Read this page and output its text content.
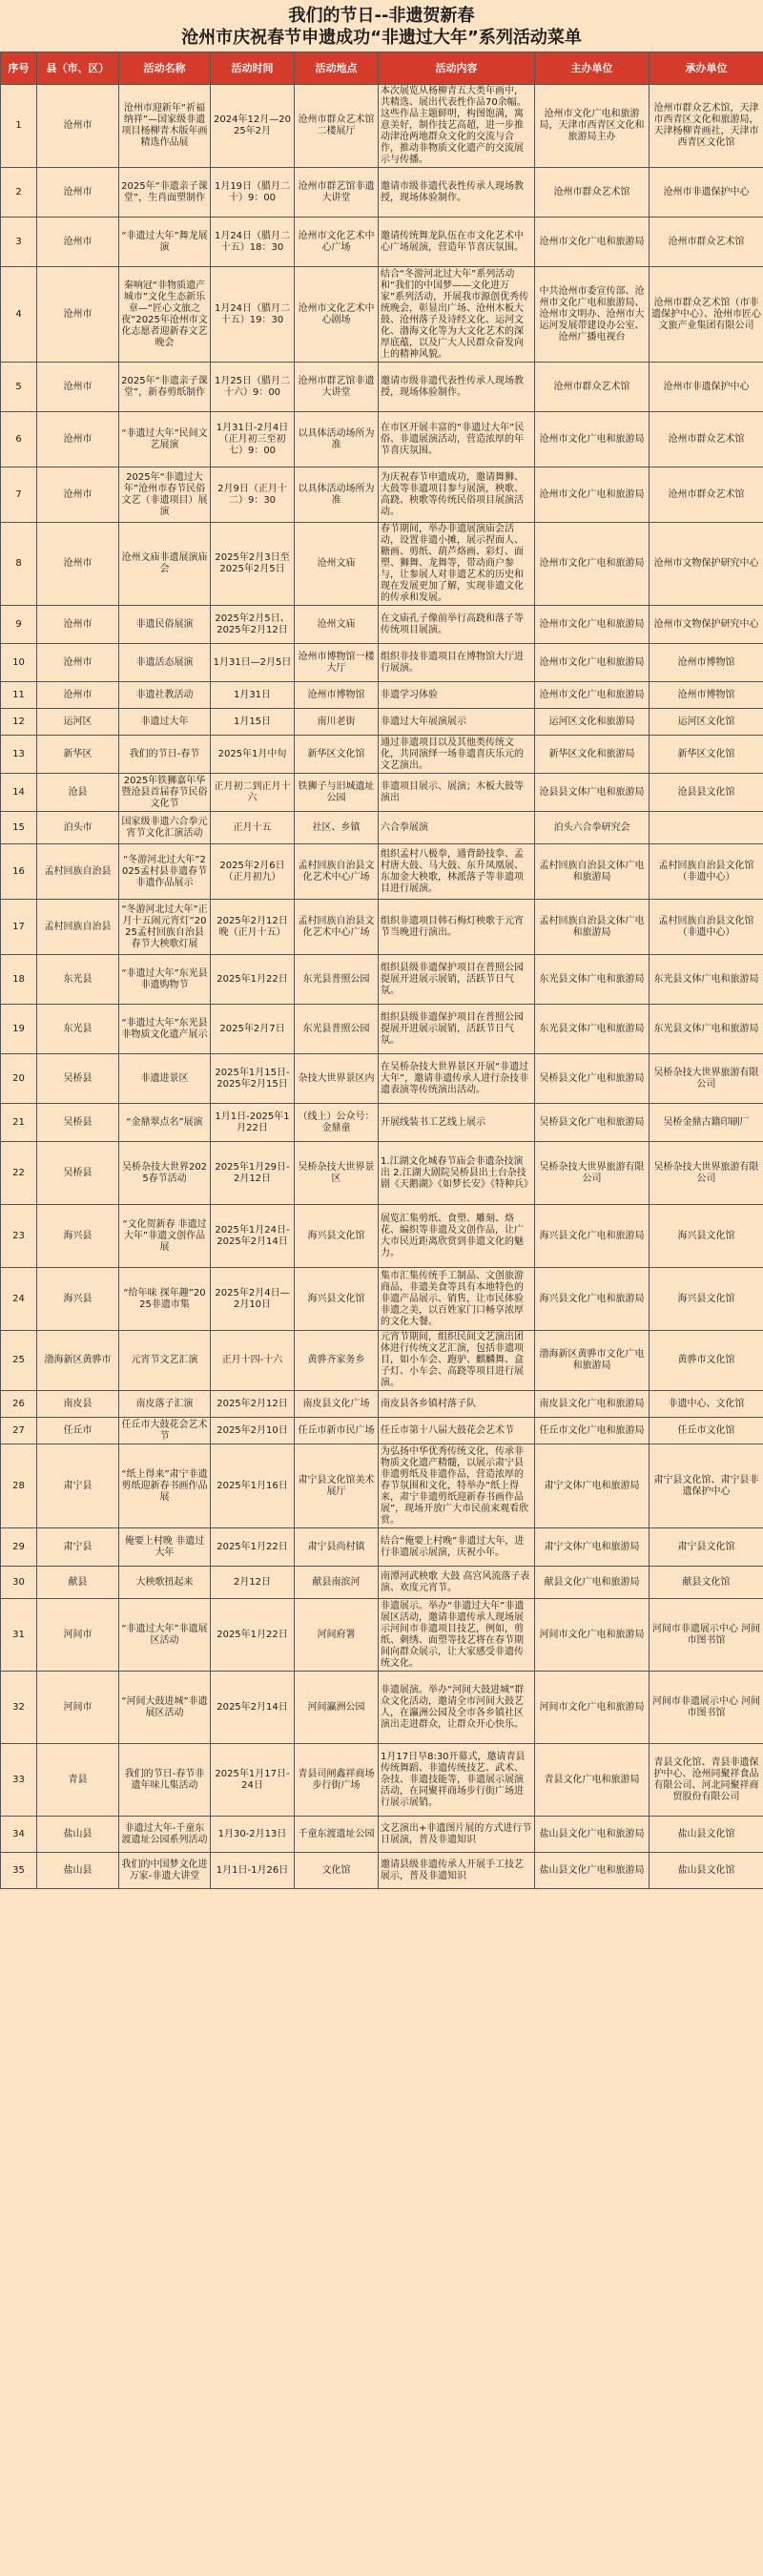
我们的节日--非遗贺新春
沧州市庆祝春节申遗成功“非遗过大年”系列活动菜单
序号	县（市、区）	活动名称	活动时间	活动地点	活动内容	主办单位	承办单位
1	沧州市	沧州市迎新年“祈福纳祥”—国家级非遗项目杨柳青木版年画精选作品展	2024年12月—2025年2月	沧州市群众艺术馆二楼展厅	本次展览从杨柳青五大类年画中，共精选、展出代表性作品70余幅。这些作品主题鲜明，构图饱满，寓意美好，制作技艺高超，进一步推动津沧两地群众文化的交流与合作，推动非物质文化遗产的交流展示与传播。	沧州市文化广电和旅游局，天津市西青区文化和旅游局主办	沧州市群众艺术馆，天津市西青区文化和旅游局，天津杨柳青画社，天津市西青区文化馆
2	沧州市	2025年“非遗亲子课堂”，生肖面塑制作	1月19日（腊月二十）9：00	沧州市群艺馆非遗大讲堂	邀请市级非遗代表性传承人现场教授，现场体验制作。	沧州市群众艺术馆	沧州市非遗保护中心
3	沧州市	“非遗过大年”舞龙展演	1月24日（腊月二十五）18：30	沧州市文化艺术中心广场	邀请传统舞龙队伍在市文化艺术中心广场展演，营造年节喜庆氛围。	沧州市文化广电和旅游局	沧州市群众艺术馆
4	沧州市	秦响冠“非物质遗产城市”文化生态新乐章—“匠心文旅之夜”2025年沧州市文化志愿者迎新春文艺晚会	1月24日（腊月二十五）19：30	沧州市文化艺术中心剧场	结合“冬游河北过大年”系列活动和“我们的中国梦——文化进万家”系列活动，开展我市源创优秀传统晚会，彰显出广场、沧州木板大鼓、沧州落子及诗经文化、运河文化、渤海文化等为大文化艺术的深厚底蕴，以及广大人民群众奋发向上的精神风貌。	中共沧州市委宣传部、沧州市文化广电和旅游局、沧州市文明办、沧州市大运河发展带建设办公室、沧州广播电视台	沧州市群众艺术馆（市非遗保护中心）、沧州市匠心文旅产业集团有限公司
5	沧州市	2025年“非遗亲子课堂”，新春剪纸制作	1月25日（腊月二十六）9：00	沧州市群艺馆非遗大讲堂	邀请市级非遗代表性传承人现场教授，现场体验制作。	沧州市群众艺术馆	沧州市非遗保护中心
6	沧州市	“非遗过大年”民间文艺展演	1月31日-2月4日（正月初三至初七）9：00	以具体活动场所为准	在市区开展丰富的“非遗过大年”民俗、非遗展演活动，营造浓厚的年节喜庆氛围。	沧州市文化广电和旅游局	沧州市群众艺术馆
7	沧州市	2025年“非遗过大年”沧州市春节民俗文艺（非遗项目）展演	2月9日（正月十二）9：30	以具体活动场所为准	为庆祝春节申遗成功，邀请舞狮、大鼓等非遗项目参与展演，秧歌、高跷、秧歌等传统民俗项目展演活动。	沧州市文化广电和旅游局	沧州市群众艺术馆
8	沧州市	沧州文庙非遗展演庙会	2025年2月3日至2025年2月5日	沧州文庙	春节期间，举办非遗展演庙会活动，设置非遗小摊，展示捏面人、糖画、剪纸、葫芦烙画、彩灯、面塑、狮舞、龙舞等，带动商户参与，让参展人对非遗艺术的历史和现在发展更加了解，实现非遗文化的传承和发展。	沧州市文化广电和旅游局	沧州市文物保护研究中心
9	沧州市	非遗民俗展演	2025年2月5日、2025年2月12日	沧州文庙	在文庙孔子像前举行高跷和落子等传统项目展演。	沧州市文化广电和旅游局	沧州市文物保护研究中心
10	沧州市	非遗活态展演	1月31日—2月5日	沧州市博物馆一楼大厅	组织非技非遗项目在博物馆大厅进行展演。	沧州市文化广电和旅游局	沧州市博物馆
11	沧州市	非遗社教活动	1月31日	沧州市博物馆	非遗学习体验	沧州市文化广电和旅游局	沧州市博物馆
12	运河区	非遗过大年	1月15日	南川老街	非遗过大年展演展示	运河区文化和旅游局	运河区文化馆
13	新华区	我们的节日-春节	2025年1月中旬	新华区文化馆	通过非遗项目以及其他类传统文化，共同演绎一场非遗喜庆乐元的文艺演出。	新华区文化和旅游局	新华区文化馆
14	沧县	2025年铁狮嘉年华暨沧县首届春节民俗文化节	正月初二到正月十六	铁狮子与旧城遗址公园	非遗项目展示、展演；木板大鼓等演出	沧县县文体广电和旅游局	沧县县文化馆
15	泊头市	国家级非遗六合拳元宵节文化汇演活动	正月十五	社区、乡镇	六合拳展演	泊头六合拳研究会	
16	孟村回族自治县	“冬游河北过大年”2025孟村县非遗春节非遗作品展示	2025年2月6日（正月初九）	孟村回族自治县文化艺术中心广场	组织孟村八极拳，通背龄技拳、孟村唐大鼓、马大鼓、东升凤凰展、东加金大秧歌，林派落子等非遗项目进行展演。	孟村回族自治县文体广电和旅游局	孟村回族自治县文化馆（非遗中心）
17	孟村回族自治县	“冬游河北过大年”正月十五闹元宵灯”2025孟村回族自治县春节大秧歌灯展	2025年2月12日晚（正月十五）	孟村回族自治县文化艺术中心广场	组织非遗项目韩石梅灯秧歌于元宵节当晚进行演出。	孟村回族自治县文体广电和旅游局	孟村回族自治县文化馆（非遗中心）
18	东光县	“非遗过大年”东光县非遗购物节	2025年1月22日	东光县普照公园	组织县级非遗保护项目在普照公园提展开进展示展销，活跃节日气氛。	东光县文体广电和旅游局	东光县文体广电和旅游局
19	东光县	“非遗过大年”东光县非物质文化遗产展示	2025年2月7日	东光县普照公园	组织县级非遗保护项目在普照公园提展开进展示展销，活跃节日气氛。	东光县文体广电和旅游局	东光县文体广电和旅游局
20	吴桥县	非遗进景区	2025年1月15日-2025年2月15日	杂技大世界景区内	在吴桥杂技大世界景区开展“非遗过大年”，邀请非遗传承人进行杂技非遗表演等传统演出活动。	吴桥县文化广电和旅游局	吴桥杂技大世界旅游有限公司
21	吴桥县	“金鼎翠点名”展演	1月1日-2025年1月22日	（线上）公众号：金鼎童	开展线装书工艺线上展示	吴桥县文化广电和旅游局	吴桥金鼎古籍印刷厂
22	吴桥县	吴桥杂技大世界2025春节活动	2025年1月29日-2月12日	吴桥杂技大世界景区	1.江湖文化城春节庙会非遗杂技演出 2.江湖大剧院吴桥县出土台杂技剧《天鹅湖》《如梦长安》《特种兵》	吴桥杂技大世界旅游有限公司	吴桥杂技大世界旅游有限公司
23	海兴县	“文化贺新春 非遗过大年”非遗文创作品展	2025年1月24日-2025年2月14日	海兴县文化馆	展览汇集剪纸、食塑、雕刻、烙花、编织等非遗及文创作品，让广大市民近距离欣赏到非遗文化的魅力。	海兴县文化广电和旅游局	海兴县文化馆
24	海兴县	“给年味 探年趣”2025非遗市集	2025年2月4日—2月10日	海兴县文化馆	集市汇集传统手工制品、文创旅游商品，非遗美食等具有本地特色的非遗产品展示、销售，让市民体验非遗之美，以百姓家门口畅享浓厚的文化大餐。	海兴县文化广电和旅游局	海兴县文化馆
25	渤海新区黄骅市	元宵节文艺汇演	正月十四-十六	黄骅齐家务乡	元宵节期间，组织民间文艺演出团体进行传统文艺汇演，包括非遗项目，如小车会、跑驴、麒麟舞、盒子灯、小车会、高跷等项目进行展演。	渤海新区黄骅市文化广电和旅游局	黄骅市文化馆
26	南皮县	南皮落子汇演	2025年2月12日	南皮县文化广场	南皮县各乡镇村落子队	南皮县文化广电和旅游局	非遗中心、文化馆
27	任丘市	任丘市大鼓花会艺术节	2025年2月10日	任丘市新市民广场	任丘市第十八届大鼓花会艺术节	任丘市文化广电和旅游局	任丘市文化馆
28	肃宁县	“纸上得来”肃宁非遗剪纸迎新春书画作品展	2025年1月16日	肃宁县文化馆美术展厅	为弘扬中华优秀传统文化，传承非物质文化遗产精髓，以展示肃宁县非遗剪纸及非遗作品，营造浓厚的春节氛围和文化，特举办“纸上得来，肃宁非遗剪纸迎新春书画作品展”，现场开放广大市民前来观看欣赏。	肃宁文体广电和旅游局	肃宁县文化馆、肃宁县非遗保护中心
29	肃宁县	俺要上村晚 非遗过大年	2025年1月22日	肃宁县尚村镇	结合“俺要上村晚”非遗过大年，进行非遗展示展演，庆祝小年。	肃宁文体广电和旅游局	肃宁县文化馆
30	献县	大秧歌扭起来	2月12日	献县南滨河	南潭河武秧歌 大鼓 高宫风流落子表演、欢度元宵节。	献县文化广电和旅游局	献县文化馆
31	河间市	“非遗过大年”非遗展区活动	2025年1月22日	河间府署	非遗展示。举办“非遗过大年”非遗展区活动，邀请非遗传承人现场展示河间市非遗项目技艺，例如，剪纸、刺绣、面塑等技艺将在春节期间向群众展示，让大家感受非遗传统文化。	河间市文化广电和旅游局	河间市非遗展示中心 河间市图书馆
32	河间市	“河间大鼓进城”非遗展区活动	2025年2月14日	河间瀛洲公园	非遗展演。举办“河间大鼓进城”群众文化活动，邀请全市河间大鼓艺人，在瀛洲公园及全市各乡镇社区演出走进群众，让群众开心快乐。	河间市文化广电和旅游局	河间市非遗展示中心 河间市图书馆
33	青县	我们的节日-春节非遗年味儿集活动	2025年1月17日-24日	青县司闸鑫祥商场步行街广场	1月17日早8:30开幕式，邀请青县传统舞蹈、非遗传统技艺、武术、杂技、非遗技能等，非遗展示展演活动，在同聚祥商场步行街广场进行展示展销。	青县文化广电和旅游局	青县文化馆、青县非遗保护中心、沧州同聚祥食品有限公司、河北同聚祥商贸股份有限公司
34	盐山县	非遗过大年-千童东渡遗址公园系列活动	1月30-2月13日	千童东渡遗址公园	文艺演出+非遗图片展的方式进行节日展演，普及非遗知识	盐山县文化广电和旅游局	盐山县文化馆
35	盐山县	我们的中国梦文化进万家-非遗大讲堂	1月1日-1月26日	文化馆	邀请县级非遗传承人开展手工技艺展示，普及非遗知识	盐山县文化广电和旅游局	盐山县文化馆
